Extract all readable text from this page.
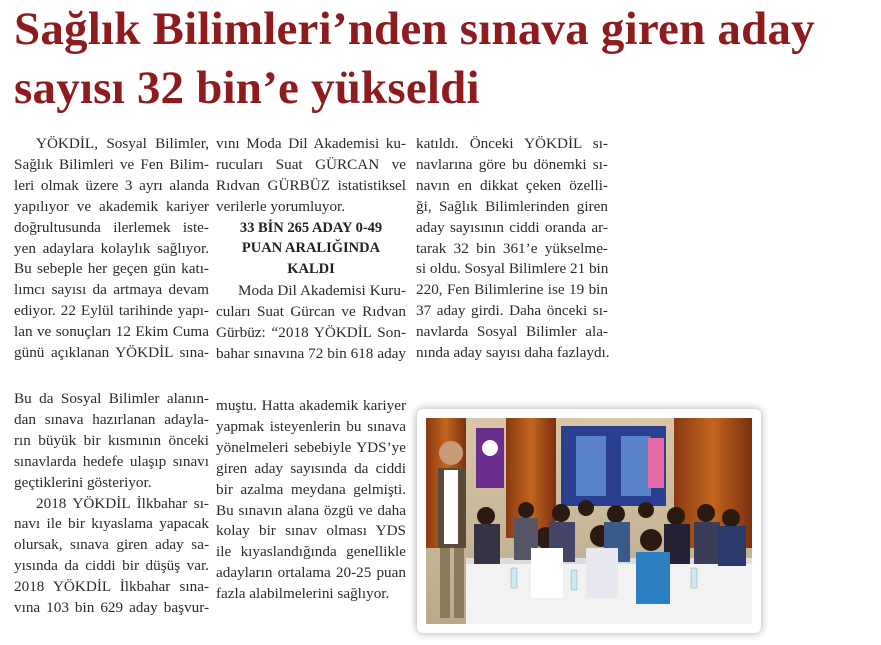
Sağlık Bilimleri’nden sınava giren aday
sayısı 32 bin’e yükseldi

YÖKDİL, Sosyal Bilimler,
Sağlık Bilimleri ve Fen Bilim-
leri olmak üzere 3 ayrı alanda
yapılıyor ve akademik kariyer
doğrultusunda ilerlemek iste-
yen adaylara kolaylık sağlıyor.
Bu sebeple her geçen gün katı-
lımcı sayısı da artmaya devam
ediyor. 22 Eylül tarihinde yapı-
lan ve sonuçları 12 Ekim Cuma
günü açıklanan YÖKDİL sına-

Bu da Sosyal Bilimler alanın-
dan sınava hazırlanan adayla-
rın büyük bir kısmının önceki
sınavlarda hedefe ulaşıp sınavı
geçtiklerini gösteriyor.

2018 YÖKDİL İlkbahar sı-
navı ile bir kıyaslama yapacak
olursak, sınava giren aday sa-
yısında da ciddi bir düşüş var.
2018 YÖKDİL İlkbahar sına-
vına 103 bin 629 aday başvur-

vını Moda Dil Akademisi ku-
rucuları Suat GÜRCAN ve
Rıdvan GÜRBÜZ istatistiksel
verilerle yorumluyor.

33 BİN 265 ADAY 0-49
PUAN ARALIĞINDA
KALDI

Moda Dil Akademisi Kuru-
cuları Suat Gürcan ve Rıdvan
Gürbüz: “2018 YÖKDİL Son-
bahar sınavına 72 bin 618 aday

muştu. Hatta akademik kariyer
yapmak isteyenlerin bu sınava
yönelmeleri sebebiyle YDS’ye
giren aday sayısında da ciddi
bir azalma meydana gelmişti.
Bu sınavın alana özgü ve daha
kolay bir sınav olması YDS
ile kıyaslandığında genellikle
adayların ortalama 20-25 puan
fazla alabilmelerini sağlıyor.

katıldı. Önceki YÖKDİL sı-
navlarına göre bu dönemki sı-
navın en dikkat çeken özelli-
ği, Sağlık Bilimlerinden giren
aday sayısının ciddi oranda ar-
tarak 32 bin 361’e yükselme-
si oldu. Sosyal Bilimlere 21 bin
220, Fen Bilimlerine ise 19 bin
37 aday girdi. Daha önceki sı-
navlarda Sosyal Bilimler ala-
nında aday sayısı daha fazlaydı.
